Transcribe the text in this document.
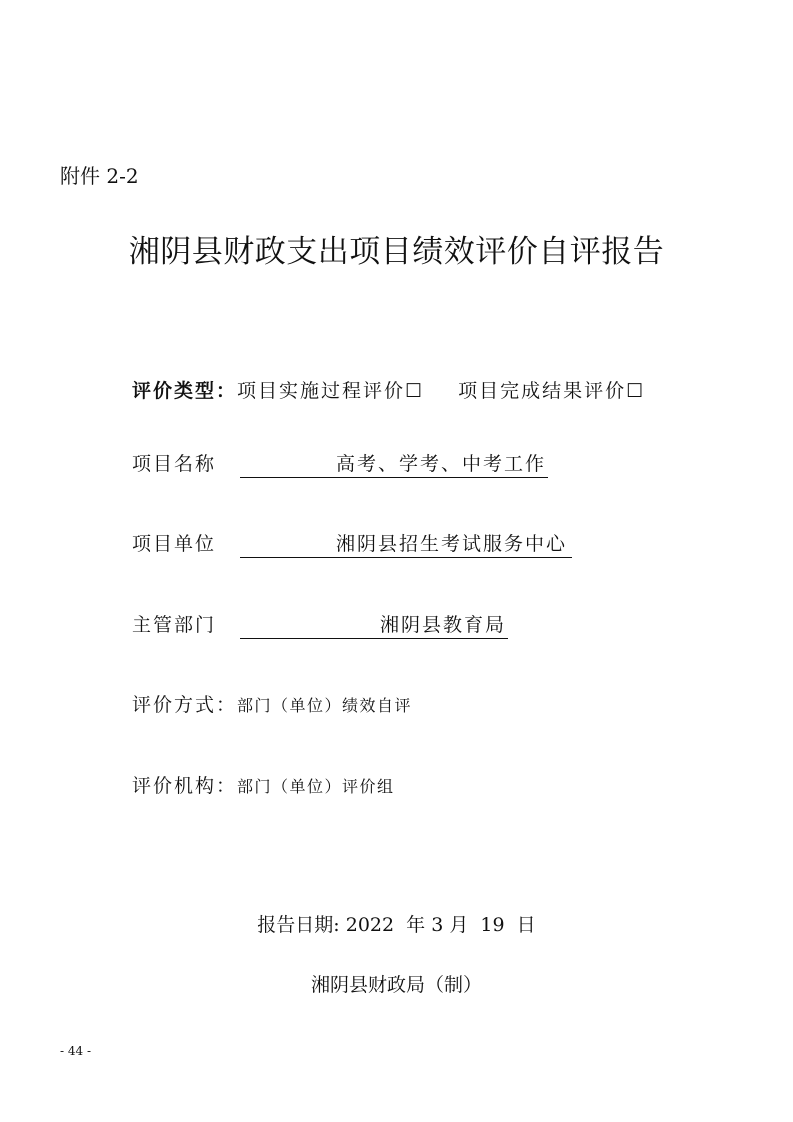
附件 2-2
湘阴县财政支出项目绩效评价自评报告
评价类型：项目实施过程评价☐ 项目完成结果评价☐
项目名称	高考、学考、中考工作
项目单位	湘阴县招生考试服务中心
主管部门	湘阴县教育局
评价方式：部门（单位）绩效自评
评价机构：部门（单位）评价组
报告日期: 2022  年 3 月  19  日
湘阴县财政局（制）
- 44 -
